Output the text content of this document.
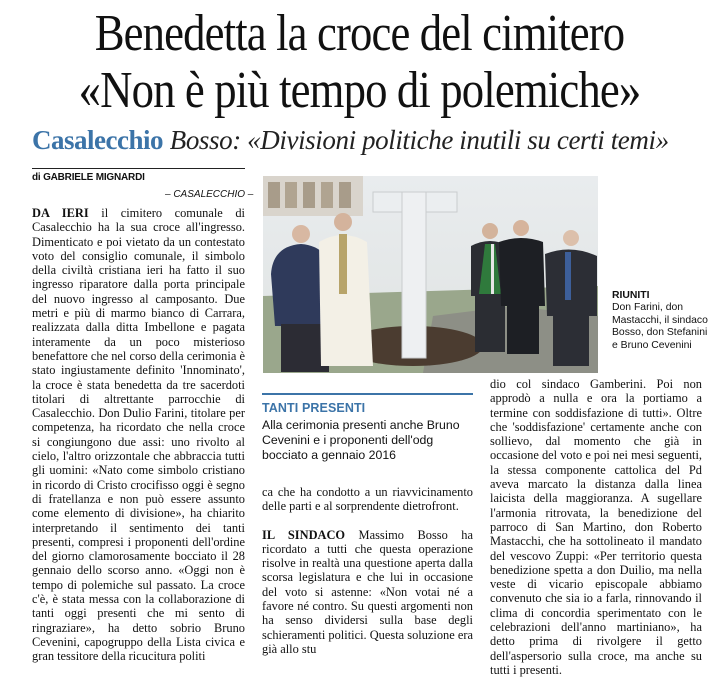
Benedetta la croce del cimitero
«Non è più tempo di polemiche»
Casalecchio Bosso: «Divisioni politiche inutili su certi temi»
di GABRIELE MIGNARDI
– CASALECCHIO –

DA IERI il cimitero comunale di Casalecchio ha la sua croce all'ingresso. Dimenticato e poi vietato da un contestato voto del consiglio comunale, il simbolo della civiltà cristiana ieri ha fatto il suo ingresso riparatore dalla porta principale del nuovo ingresso al camposanto. Due metri e più di marmo bianco di Carrara, realizzata dalla ditta Imbellone e pagata interamente da un poco misterioso benefattore che nel corso della cerimonia è stato ingiustamente definito 'Innominato', la croce è stata benedetta da tre sacerdoti titolari di altrettante parrocchie di Casalecchio. Don Dulio Farini, titolare per competenza, ha ricordato che nella croce si congiungono due assi: uno rivolto al cielo, l'altro orizzontale che abbraccia tutti gli uomini: «Nato come simbolo cristiano in ricordo di Cristo crocifisso oggi è segno di fratellanza e non può essere assunto come elemento di divisione», ha chiarito interpretando il sentimento dei tanti presenti, compresi i proponenti dell'ordine del giorno clamorosamente bocciato il 28 gennaio dello scorso anno. «Oggi non è tempo di polemiche sul passato. La croce c'è, è stata messa con la collaborazione di tanti oggi presenti che mi sento di ringraziare», ha detto sobrio Bruno Cevenini, capogruppo della Lista civica e gran tessitore della ricucitura politi

RIUNITI
Don Farini, don Mastacchi, il sindaco Bosso, don Stefanini e Bruno Cevenini
TANTI PRESENTI
Alla cerimonia presenti anche Bruno Cevenini e i proponenti dell'odg bocciato a gennaio 2016

ca che ha condotto a un riavvicinamento delle parti e al sorprendente dietrofront.

IL SINDACO Massimo Bosso ha ricordato a tutti che questa operazione risolve in realtà una questione aperta dalla scorsa legislatura e che lui in occasione del voto si astenne: «Non votai né a favore né contro. Su questi argomenti non ha senso dividersi sulla base degli schieramenti politici. Questa soluzione era già allo stu

dio col sindaco Gamberini. Poi non approdò a nulla e ora la portiamo a termine con soddisfazione di tutti». Oltre che 'soddisfazione' certamente anche con sollievo, dal momento che già in occasione del voto e poi nei mesi seguenti, la stessa componente cattolica del Pd aveva marcato la distanza dalla linea laicista della maggioranza. A sugellare l'armonia ritrovata, la benedizione del parroco di San Martino, don Roberto Mastacchi, che ha sottolineato il mandato del vescovo Zuppi: «Per territorio questa benedizione spetta a don Duilio, ma nella veste di vicario episcopale abbiamo convenuto che sia io a farla, rinnovando il clima di concordia sperimentato con le celebrazioni dell'anno martiniano», ha detto prima di rivolgere il getto dell'aspersorio sulla croce, ma anche su tutti i presenti.
